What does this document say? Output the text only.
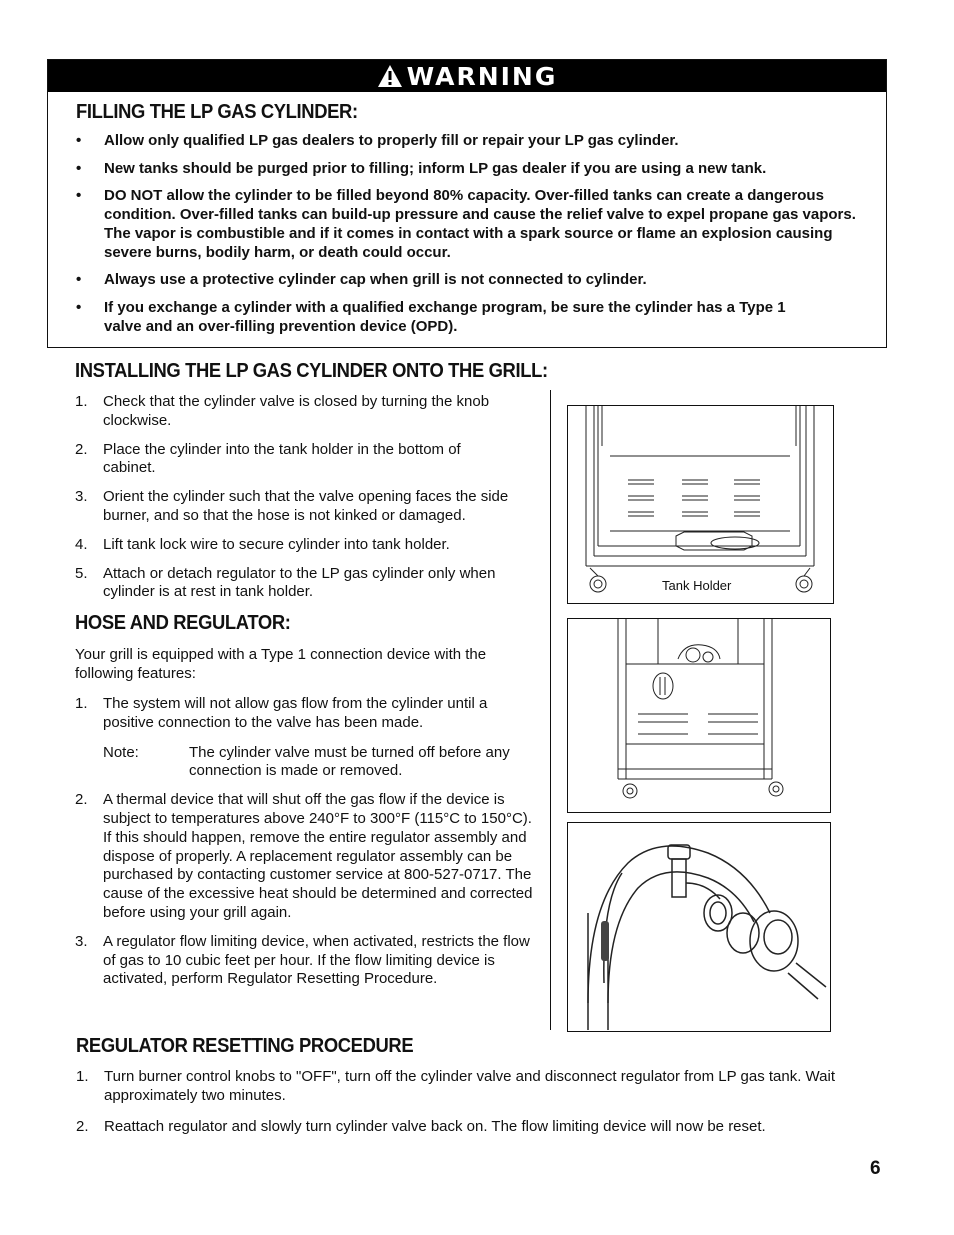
WARNING
FILLING THE LP GAS CYLINDER:
• Allow only qualified LP gas dealers to properly fill or repair your LP gas cylinder.
• New tanks should be purged prior to filling; inform LP gas dealer if you are using a new tank.
• DO NOT allow the cylinder to be filled beyond 80% capacity. Over-filled tanks can create a dangerous condition. Over-filled tanks can build-up pressure and cause the relief valve to expel propane gas vapors. The vapor is combustible and if it comes in contact with a spark source or flame an explosion causing severe burns, bodily harm, or death could occur.
• Always use a protective cylinder cap when grill is not connected to cylinder.
• If you exchange a cylinder with a qualified exchange program, be sure the cylinder has a Type 1 valve and an over-filling prevention device (OPD).
INSTALLING THE LP GAS CYLINDER ONTO THE GRILL:
1. Check that the cylinder valve is closed by turning the knob clockwise.
2. Place the cylinder into the tank holder in the bottom of cabinet.
3. Orient the cylinder such that the valve opening faces the side burner, and so that the hose is not kinked or damaged.
4. Lift tank lock wire to secure cylinder into tank holder.
5. Attach or detach regulator to the LP gas cylinder only when cylinder is at rest in tank holder.
HOSE AND REGULATOR:
Your grill is equipped with a Type 1 connection device with the following features:
1. The system will not allow gas flow from the cylinder until a positive connection to the valve has been made.
Note:	The cylinder valve must be turned off before any connection is made or removed.
2. A thermal device that will shut off the gas flow if the device is subject to temperatures above 240°F to 300°F (115°C to 150°C). If this should happen, remove the entire regulator assembly and dispose of properly. A replacement regulator assembly can be purchased by contacting customer service at 800-527-0717. The cause of the excessive heat should be determined and corrected before using your grill again.
3. A regulator flow limiting device, when activated, restricts the flow of gas to 10 cubic feet per hour. If the flow limiting device is activated, perform Regulator Resetting Procedure.
Tank Holder
REGULATOR RESETTING PROCEDURE
1. Turn burner control knobs to "OFF", turn off the cylinder valve and disconnect regulator from LP gas tank. Wait approximately two minutes.
2. Reattach regulator and slowly turn cylinder valve back on. The flow limiting device will now be reset.
6
